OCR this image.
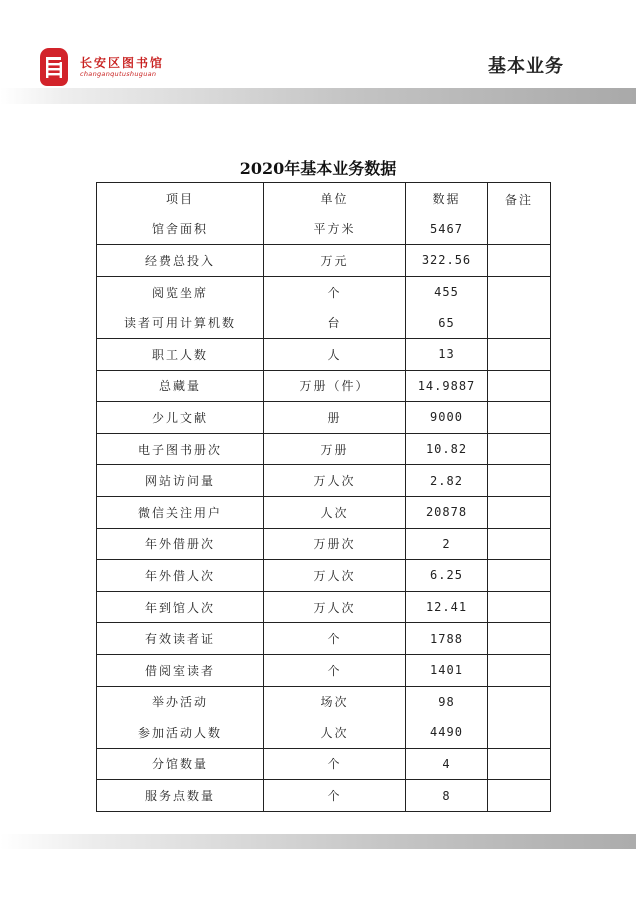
长安区图书馆
changanqutushuguan	基本业务
2020年基本业务数据
项目	单位	数据	备注
馆舍面积	平方米	5467	
经费总投入	万元	322.56	
阅览坐席	个	455	
读者可用计算机数	台	65	
职工人数	人	13	
总藏量	万册（件）	14.9887	
少儿文献	册	9000	
电子图书册次	万册	10.82	
网站访问量	万人次	2.82	
微信关注用户	人次	20878	
年外借册次	万册次	2	
年外借人次	万人次	6.25	
年到馆人次	万人次	12.41	
有效读者证	个	1788	
借阅室读者	个	1401	
举办活动	场次	98	
参加活动人数	人次	4490	
分馆数量	个	4	
服务点数量	个	8	
